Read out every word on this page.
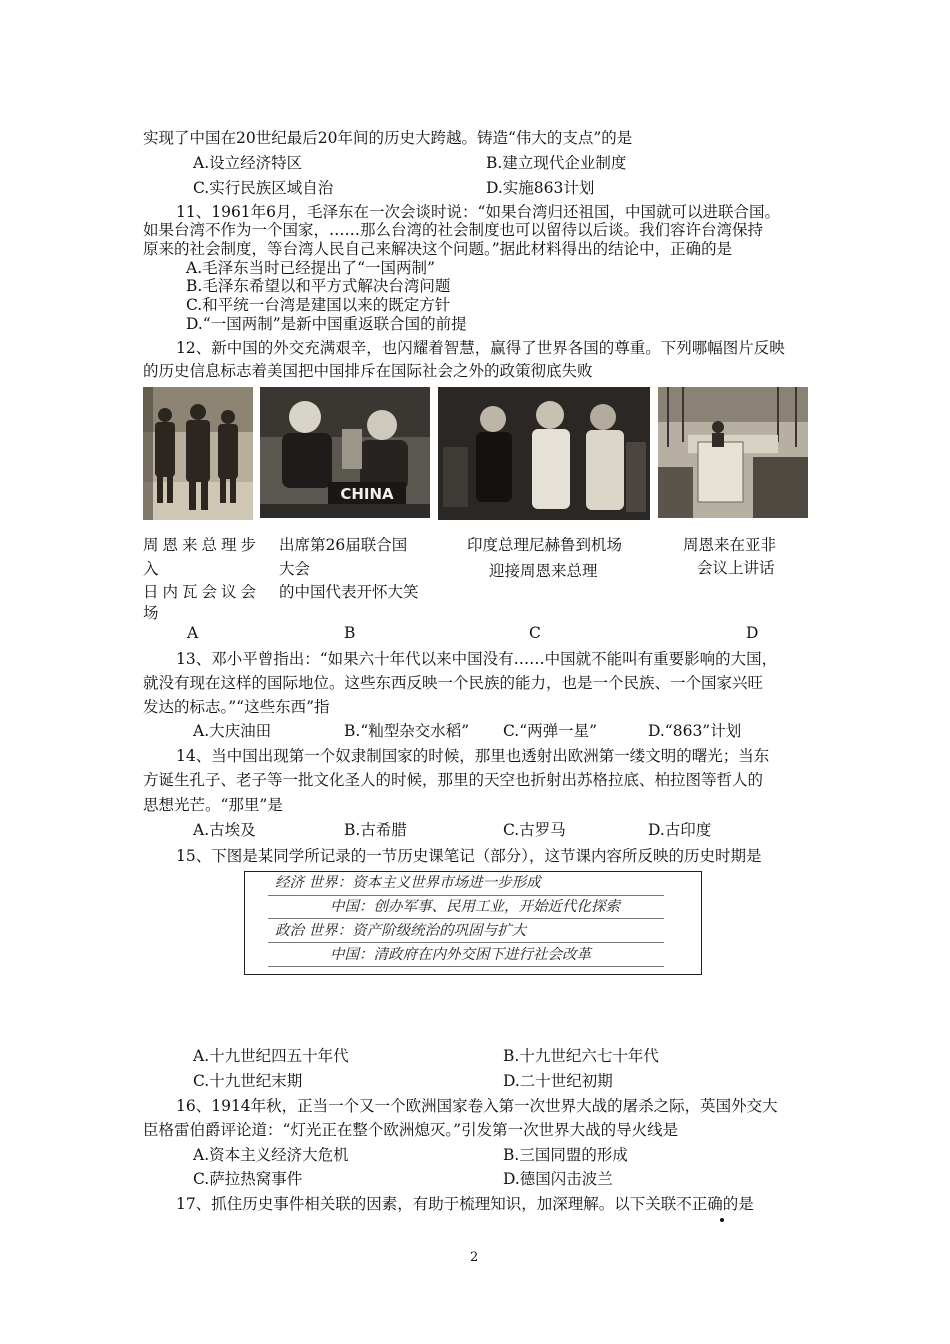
实现了中国在20世纪最后20年间的历史大跨越。铸造“伟大的支点”的是
A.设立经济特区	B.建立现代企业制度
C.实行民族区域自治	D.实施863计划
11、1961年6月，毛泽东在一次会谈时说：“如果台湾归还祖国，中国就可以进联合国。
如果台湾不作为一个国家，……那么台湾的社会制度也可以留待以后谈。我们容许台湾保持
原来的社会制度，等台湾人民自己来解决这个问题。”据此材料得出的结论中，正确的是
A.毛泽东当时已经提出了“一国两制”
B.毛泽东希望以和平方式解决台湾问题
C.和平统一台湾是建国以来的既定方针
D.“一国两制”是新中国重返联合国的前提
12、新中国的外交充满艰辛，也闪耀着智慧，赢得了世界各国的尊重。下列哪幅图片反映
的历史信息标志着美国把中国排斥在国际社会之外的政策彻底失败
CHINA
周恩来总理步
入
日内瓦会议会
场
出席第26届联合国
大会
的中国代表开怀大笑
印度总理尼赫鲁到机场
迎接周恩来总理
周恩来在亚非
会议上讲话
A	B	C	D
13、邓小平曾指出：“如果六十年代以来中国没有……中国就不能叫有重要影响的大国，
就没有现在这样的国际地位。这些东西反映一个民族的能力，也是一个民族、一个国家兴旺
发达的标志。”“这些东西”指
A.大庆油田	B.“籼型杂交水稻” C.“两弹一星”	D.“863”计划
14、当中国出现第一个奴隶制国家的时候，那里也透射出欧洲第一缕文明的曙光；当东
方诞生孔子、老子等一批文化圣人的时候，那里的天空也折射出苏格拉底、柏拉图等哲人的
思想光芒。“那里”是
A.古埃及	B.古希腊	C.古罗马	D.古印度
15、下图是某同学所记录的一节历史课笔记（部分），这节课内容所反映的历史时期是
经济 世界：资本主义世界市场进一步形成
中国：创办军事、民用工业，开始近代化探索
政治 世界：资产阶级统治的巩固与扩大
中国：清政府在内外交困下进行社会改革
A.十九世纪四五十年代	B.十九世纪六七十年代
C.十九世纪末期	D.二十世纪初期
16、1914年秋，正当一个又一个欧洲国家卷入第一次世界大战的屠杀之际，英国外交大
臣格雷伯爵评论道：“灯光正在整个欧洲熄灭。”引发第一次世界大战的导火线是
A.资本主义经济大危机	B.三国同盟的形成
C.萨拉热窝事件	D.德国闪击波兰
17、抓住历史事件相关联的因素，有助于梳理知识，加深理解。以下关联不正确的是
2
